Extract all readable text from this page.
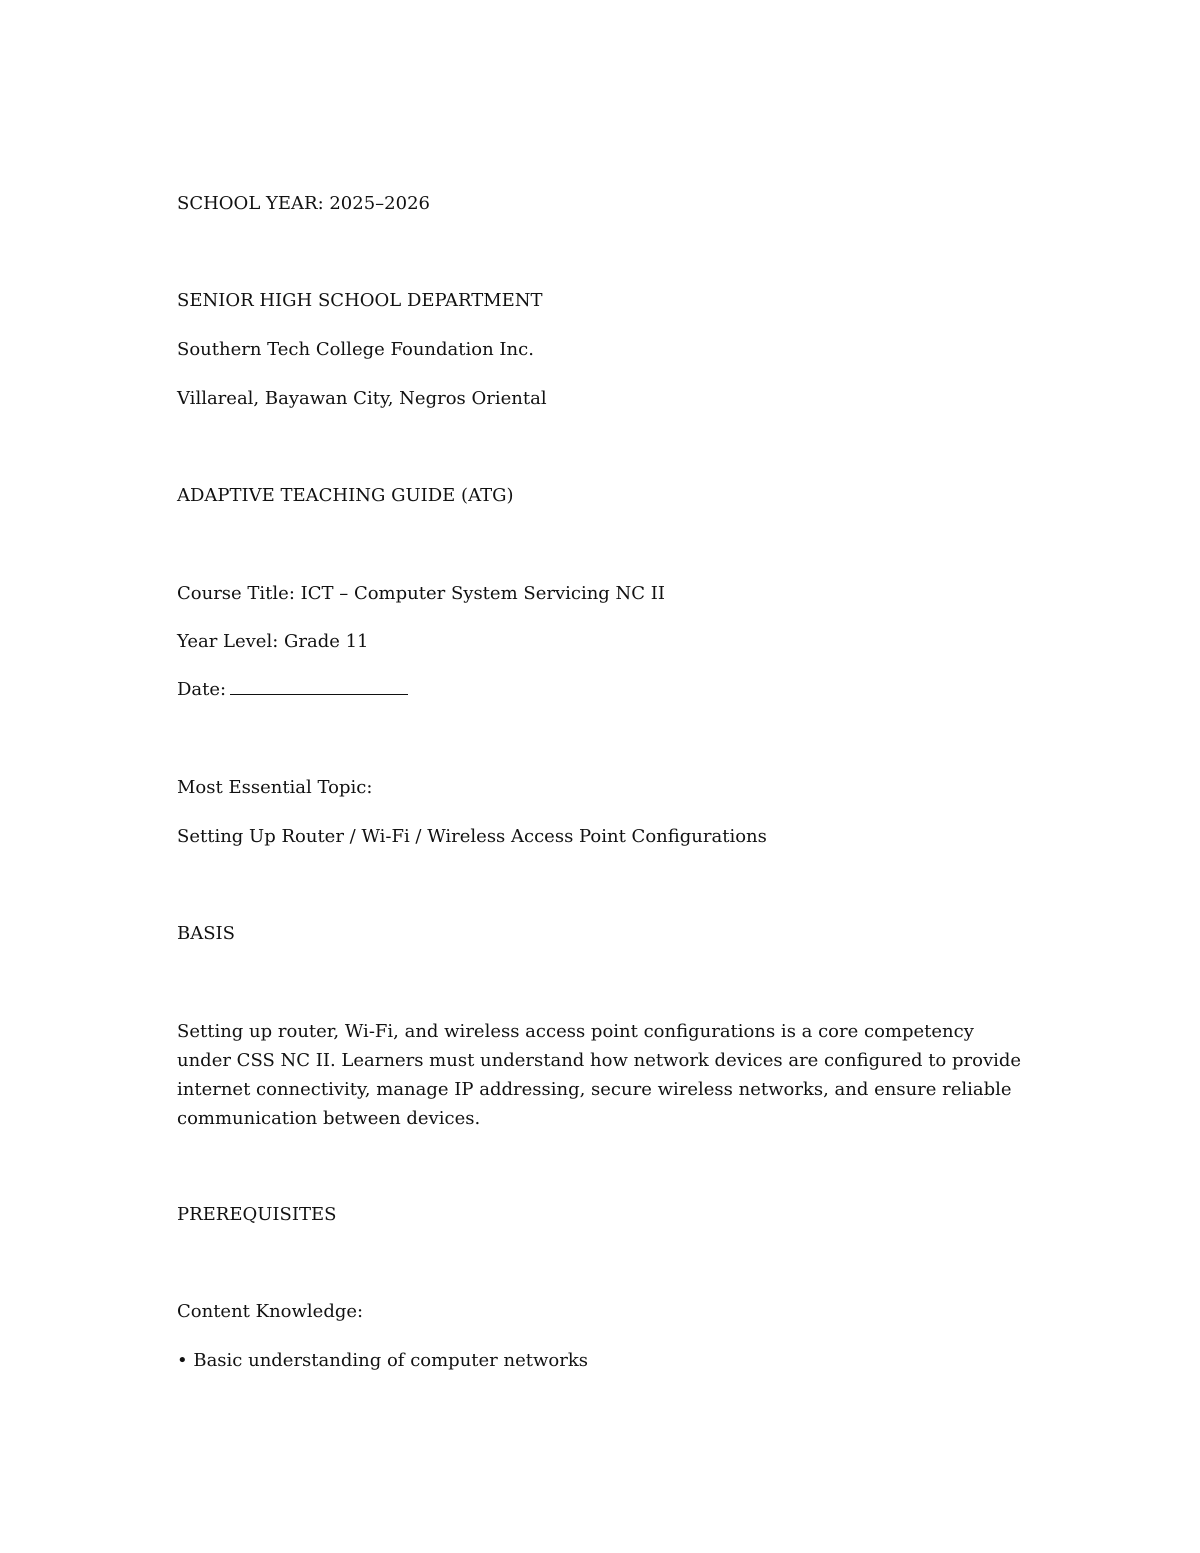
SCHOOL YEAR: 2025–2026
SENIOR HIGH SCHOOL DEPARTMENT
Southern Tech College Foundation Inc.
Villareal, Bayawan City, Negros Oriental
ADAPTIVE TEACHING GUIDE (ATG)
Course Title: ICT – Computer System Servicing NC II
Year Level: Grade 11
Date:
Most Essential Topic:
Setting Up Router / Wi-Fi / Wireless Access Point Configurations
BASIS
Setting up router, Wi-Fi, and wireless access point configurations is a core competency under CSS NC II. Learners must understand how network devices are configured to provide internet connectivity, manage IP addressing, secure wireless networks, and ensure reliable communication between devices.
PREREQUISITES
Content Knowledge:
• Basic understanding of computer networks
